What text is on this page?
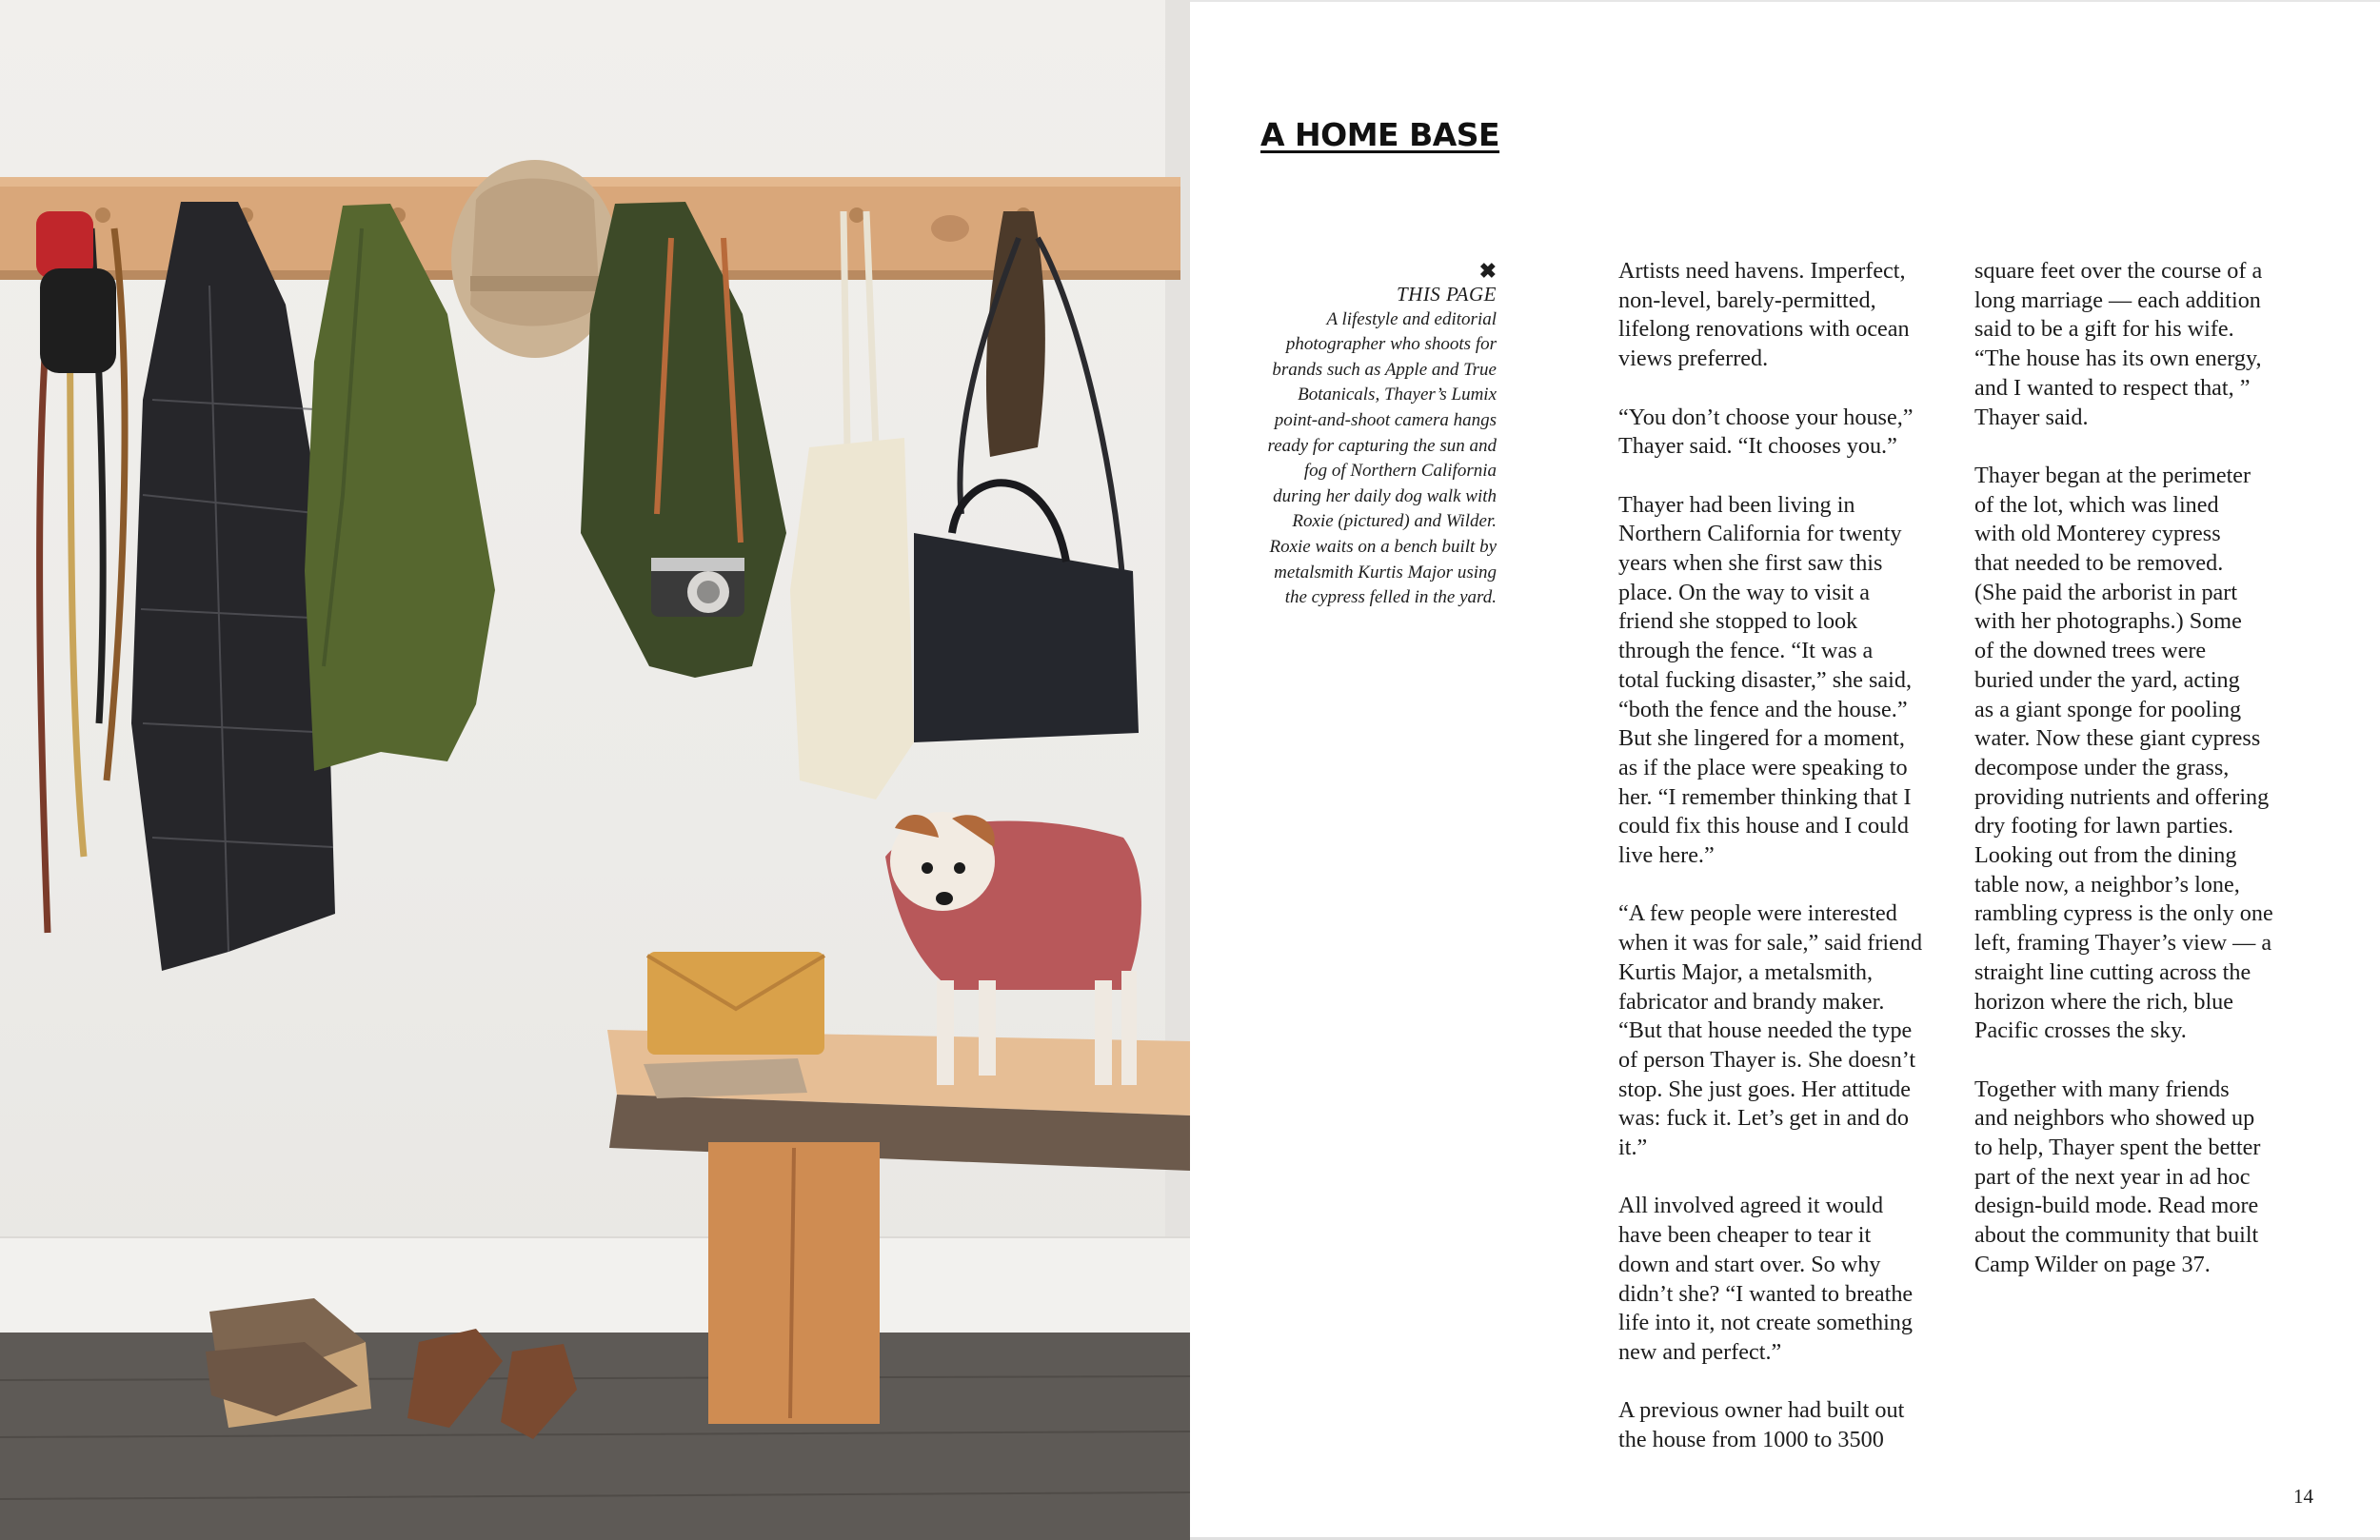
A HOME BASE
✖
THIS PAGE
A lifestyle and editorial photographer who shoots for brands such as Apple and True Botanicals, Thayer’s Lumix point-and-shoot camera hangs ready for capturing the sun and fog of Northern California during her daily dog walk with Roxie (pictured) and Wilder. Roxie waits on a bench built by metalsmith Kurtis Major using the cypress felled in the yard.

Artists need havens. Imperfect,
non-level, barely-permitted,
lifelong renovations with ocean
views preferred.

“You don’t choose your house,”
Thayer said. “It chooses you.”

Thayer had been living in
Northern California for twenty
years when she first saw this
place. On the way to visit a
friend she stopped to look
through the fence. “It was a
total fucking disaster,” she said,
“both the fence and the house.”
But she lingered for a moment,
as if the place were speaking to
her. “I remember thinking that I
could fix this house and I could
live here.”

“A few people were interested
when it was for sale,” said friend
Kurtis Major, a metalsmith,
fabricator and brandy maker.
“But that house needed the type
of person Thayer is. She doesn’t
stop. She just goes. Her attitude
was: fuck it. Let’s get in and do
it.”

All involved agreed it would
have been cheaper to tear it
down and start over. So why
didn’t she? “I wanted to breathe
life into it, not create something
new and perfect.”

A previous owner had built out
the house from 1000 to 3500

square feet over the course of a
long marriage — each addition
said to be a gift for his wife.
“The house has its own energy,
and I wanted to respect that, ”
Thayer said.

Thayer began at the perimeter
of the lot, which was lined
with old Monterey cypress
that needed to be removed.
(She paid the arborist in part
with her photographs.) Some
of the downed trees were
buried under the yard, acting
as a giant sponge for pooling
water. Now these giant cypress
decompose under the grass,
providing nutrients and offering
dry footing for lawn parties.
Looking out from the dining
table now, a neighbor’s lone,
rambling cypress is the only one
left, framing Thayer’s view — a
straight line cutting across the
horizon where the rich, blue
Pacific crosses the sky.

Together with many friends
and neighbors who showed up
to help, Thayer spent the better
part of the next year in ad hoc
design-build mode. Read more
about the community that built
Camp Wilder on page 37.

14
